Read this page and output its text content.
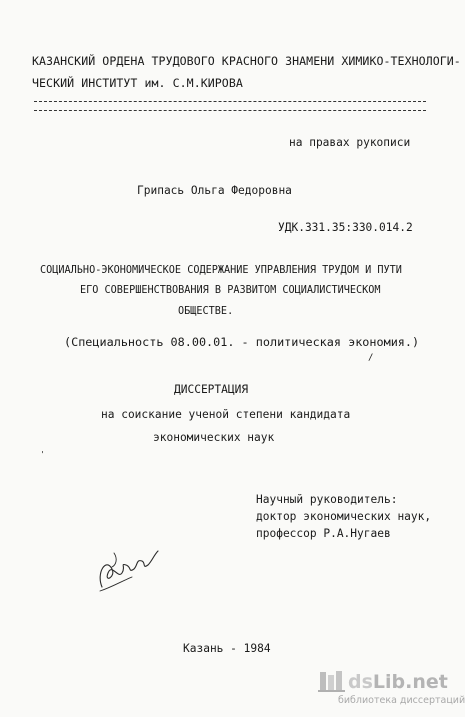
КАЗАНСКИЙ ОРДЕНА ТРУДОВОГО КРАСНОГО ЗНАМЕНИ ХИМИКО-ТЕХНОЛОГИ-
ЧЕСКИЙ ИНСТИТУТ им. С.М.КИРОВА
на правах рукописи
Грипась Ольга Федоровна
УДК.331.35:330.014.2
СОЦИАЛЬНО-ЭКОНОМИЧЕСКОЕ СОДЕРЖАНИЕ УПРАВЛЕНИЯ ТРУДОМ И ПУТИ
ЕГО СОВЕРШЕНСТВОВАНИЯ В РАЗВИТОМ СОЦИАЛИСТИЧЕСКОМ
ОБЩЕСТВЕ.
(Специальность 08.00.01. - политическая экономия.)
/
ДИССЕРТАЦИЯ
на соискание ученой степени кандидата
экономических наук
'
Научный руководитель:
доктор экономических наук,
профессор Р.А.Нугаев
Казань - 1984
dsLib.net
библиотека диссертаций
